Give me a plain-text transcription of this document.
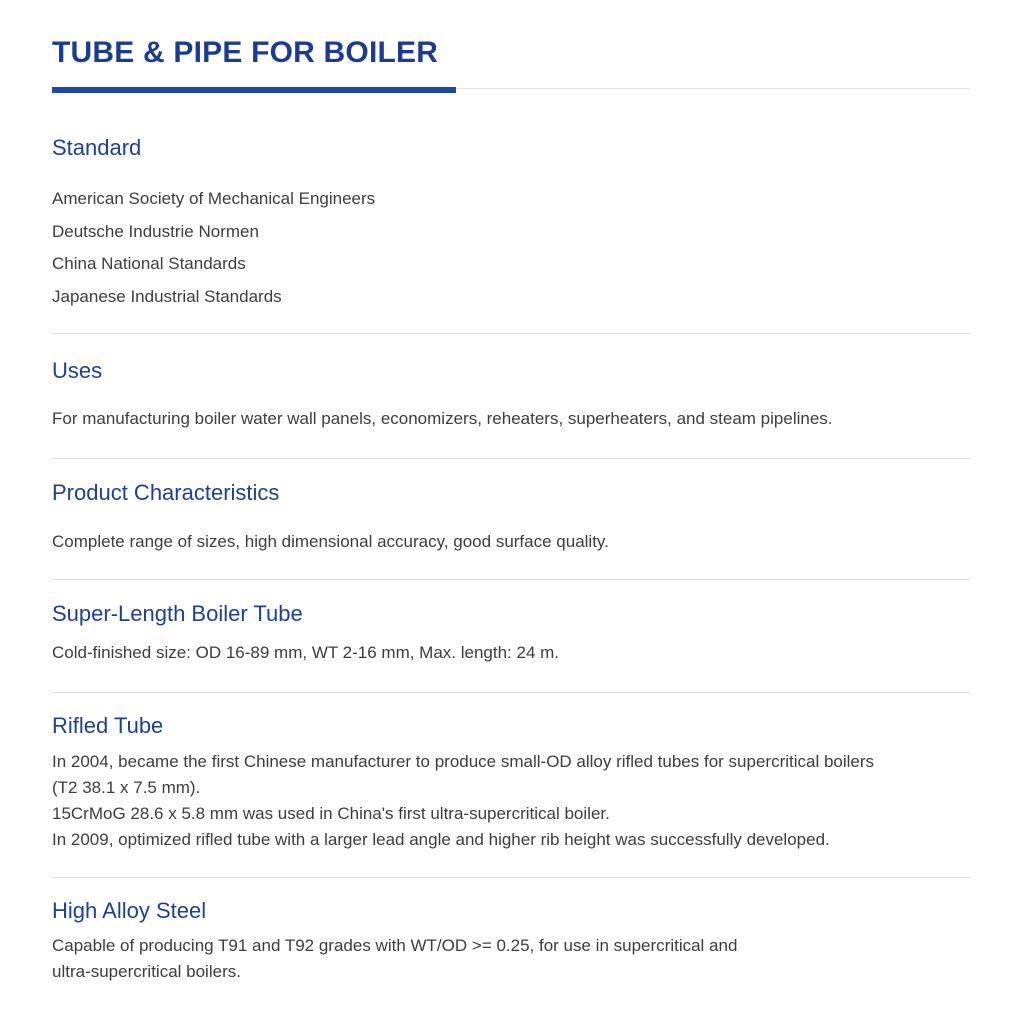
TUBE & PIPE FOR BOILER
Standard
American Society of Mechanical Engineers
Deutsche Industrie Normen
China National Standards
Japanese Industrial Standards
Uses
For manufacturing boiler water wall panels, economizers, reheaters, superheaters, and steam pipelines.
Product Characteristics
Complete range of sizes, high dimensional accuracy, good surface quality.
Super-Length Boiler Tube
Cold-finished size: OD 16-89 mm, WT 2-16 mm, Max. length: 24 m.
Rifled Tube
In 2004, became the first Chinese manufacturer to produce small-OD alloy rifled tubes for supercritical boilers
(T2 38.1 x 7.5 mm).
15CrMoG 28.6 x 5.8 mm was used in China's first ultra-supercritical boiler.
In 2009, optimized rifled tube with a larger lead angle and higher rib height was successfully developed.
High Alloy Steel
Capable of producing T91 and T92 grades with WT/OD >= 0.25, for use in supercritical and
ultra-supercritical boilers.
